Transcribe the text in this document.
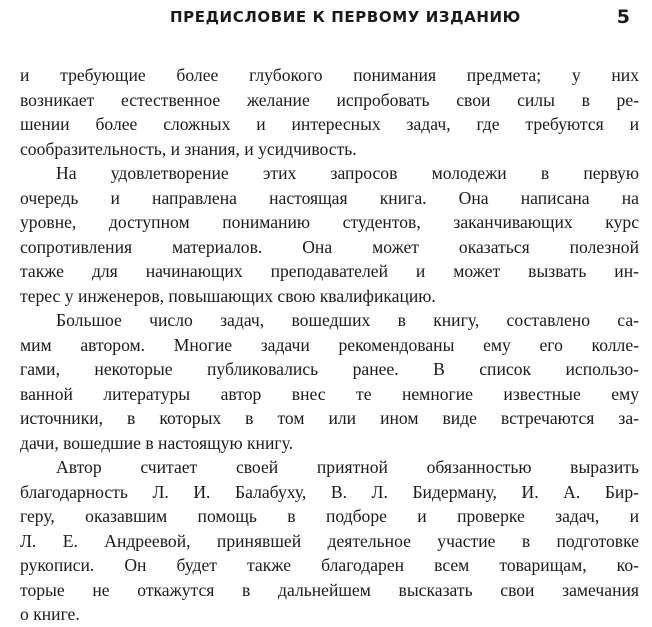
ПРЕДИСЛОВИЕ К ПЕРВОМУ ИЗДАНИЮ	5
и требующие более глубокого понимания предмета; у них
возникает естественное желание испробовать свои силы в ре-
шении более сложных и интересных задач, где требуются и
сообразительность, и знания, и усидчивость.
На удовлетворение этих запросов молодежи в первую
очередь и направлена настоящая книга. Она написана на
уровне, доступном пониманию студентов, заканчивающих курс
сопротивления материалов. Она может оказаться полезной
также для начинающих преподавателей и может вызвать ин-
терес у инженеров, повышающих свою квалификацию.
Большое число задач, вошедших в книгу, составлено са-
мим автором. Многие задачи рекомендованы ему его колле-
гами, некоторые публиковались ранее. В список использо-
ванной литературы автор внес те немногие известные ему
источники, в которых в том или ином виде встречаются за-
дачи, вошедшие в настоящую книгу.
Автор считает своей приятной обязанностью выразить
благодарность Л. И. Балабуху, В. Л. Бидерману, И. А. Бир-
геру, оказавшим помощь в подборе и проверке задач, и
Л. Е. Андреевой, принявшей деятельное участие в подготовке
рукописи. Он будет также благодарен всем товарищам, ко-
торые не откажутся в дальнейшем высказать свои замечания
о книге.
